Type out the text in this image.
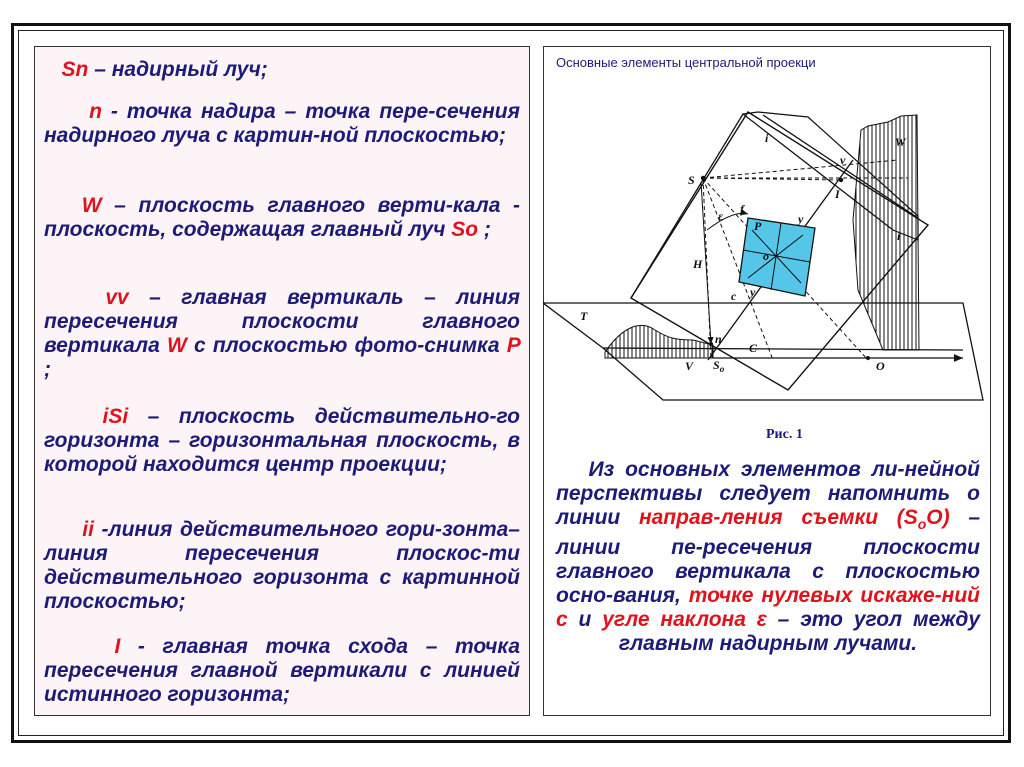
Sn – надирный луч;

n - точка надира – точка пере-сечения надирного луча с картин-ной плоскостью;

W – плоскость главного верти-кала - плоскость, содержащая главный луч So ;

vv – главная вертикаль – линия пересечения плоскости главного вертикала W с плоскостью фото-снимка P ;

iSi – плоскость действительно-го горизонта – горизонтальная плоскость, в которой находится центр проекции;

ii -линия действительного гори-зонта–линия пересечения плоскос-ти действительного горизонта с картинной плоскостью;

I - главная точка схода – точка пересечения главной вертикали с линией истинного горизонта;

Основные элементы центральной проекци

S
i	W
v
I
f
ε
P	y
o
i
Н
c y
T
n
C
V $S_o$	O

Рис. 1

Из основных элементов ли-нейной перспективы следует напомнить о линии направ-ления съемки $(S_oO)$ – линии пе-ресечения плоскости главного вертикала с плоскостью осно-вания, точке нулевых искаже-ний c и угле наклона ε – это угол между главным надирным лучами.
